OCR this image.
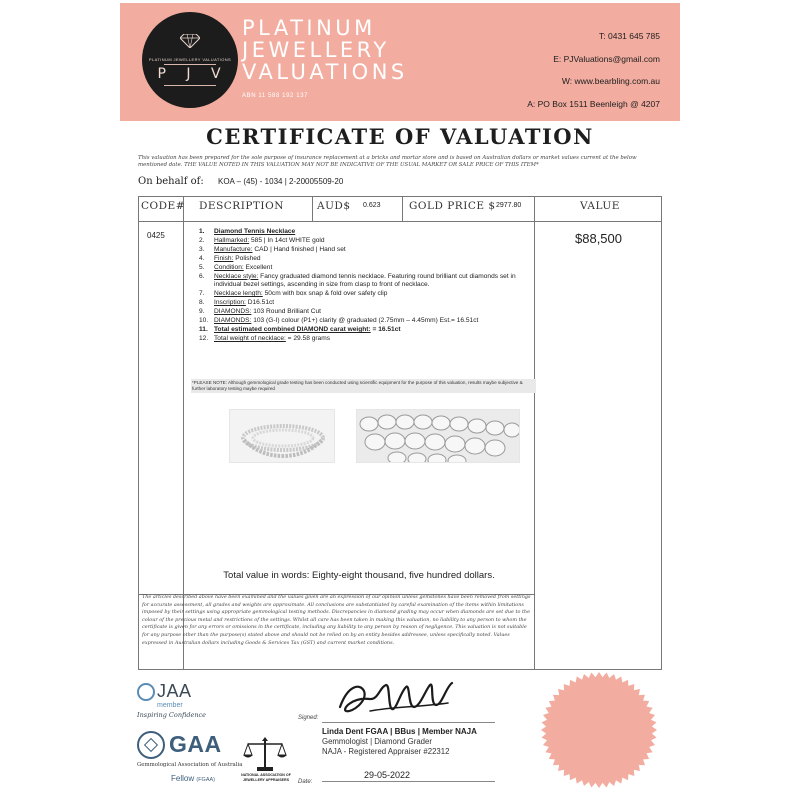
PLATINUM JEWELLERY VALUATIONS
P J V
PLATINUM
JEWELLERY
VALUATIONS
ABN 11 588 192 137
T: 0431 645 785
E: PJValuations@gmail.com
W: www.bearbling.com.au
A: PO Box 1511 Beenleigh @ 4207
CERTIFICATE OF VALUATION
This valuation has been prepared for the sole purpose of insurance replacement at a bricks and mortar store and is based on Australian dollars or market values current at the below mentioned date. THE VALUE NOTED IN THIS VALUATION MAY NOT BE INDICATIVE OF THE USUAL MARKET OR SALE PRICE OF THIS ITEM*
On behalf of: KOA – (45) - 1034 | 2-20005509-20
CODE# DESCRIPTION	AUD$ 0.623	GOLD PRICE $ 2977.80	VALUE
0425	$88,500
1. Diamond Tennis Necklace
2. Hallmarked: 585 | In 14ct WHITE gold
3. Manufacture: CAD | Hand finished | Hand set
4. Finish: Polished
5. Condition: Excellent
6. Necklace style: Fancy graduated diamond tennis necklace. Featuring round brilliant cut diamonds set in individual bezel settings, ascending in size from clasp to front of necklace.
7. Necklace length: 50cm with box snap & fold over safety clip
8. Inscription: D16.51ct
9. DIAMONDS: 103 Round Brilliant Cut
10. DIAMONDS: 103 (G-I) colour (P1+) clarity @ graduated (2.75mm – 4.45mm) Est.= 16.51ct
11. Total estimated combined DIAMOND carat weight: = 16.51ct
12. Total weight of necklace: = 29.58 grams
*PLEASE NOTE: Although gemmological grade testing has been conducted using scientific equipment for the purpose of this valuation, results maybe subjective & further laboratory testing maybe required
Total value in words: Eighty-eight thousand, five hundred dollars.
The articles described above have been examined and the values given are an expression of our opinion unless gemstones have been removed from settings for accurate assessment, all grades and weights are approximate. All conclusions are substantiated by careful examination of the items within limitations imposed by their settings using appropriate gemmological testing methods. Discrepancies in diamond grading may occur when diamonds are set due to the colour of the precious metal and restrictions of the settings. Whilst all care has been taken in making this valuation, no liability to any person to whom the certificate is given for any errors or omissions in the certificate, including any liability to any person by reason of negligence. This valuation is not suitable for any purpose other than the purpose(s) stated above and should not be relied on by an entity besides addressee, unless specifically noted. Values expressed in Australian dollars including Goods & Services Tax (GST) and current market conditions.
JAA
member
Inspiring Confidence
GAA
Gemmological Association of Australia
Fellow (FGAA)
NATIONAL ASSOCIATION OF JEWELLERY APPRAISERS
Signed:
Linda Dent FGAA | BBus | Member NAJA
Gemmologist | Diamond Grader
NAJA - Registered Appraiser #22312
Date:
29-05-2022
